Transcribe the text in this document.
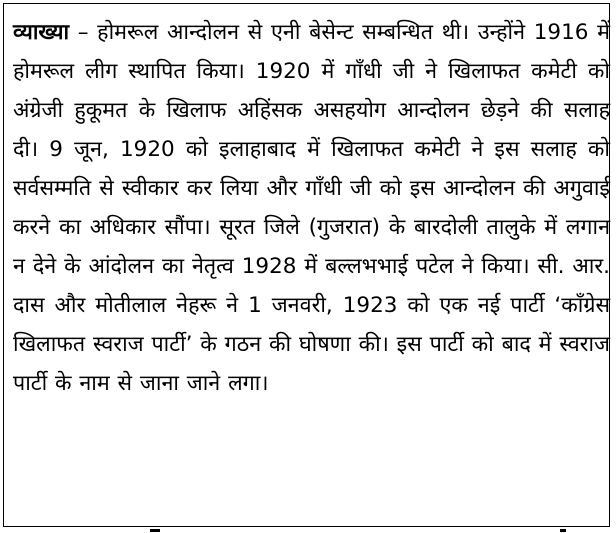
व्याख्या – होमरूल आन्दोलन से एनी बेसेन्ट सम्बन्धित थी। उन्होंने 1916 में होमरूल लीग स्थापित किया। 1920 में गाँधी जी ने खिलाफत कमेटी को अंग्रेजी हुकूमत के खिलाफ अहिंसक असहयोग आन्दोलन छेड़ने की सलाह दी। 9 जून, 1920 को इलाहाबाद में खिलाफत कमेटी ने इस सलाह को सर्वसम्मति से स्वीकार कर लिया और गाँधी जी को इस आन्दोलन की अगुवाई करने का अधिकार सौंपा। सूरत जिले (गुजरात) के बारदोली तालुके में लगान न देने के आंदोलन का नेतृत्व 1928 में बल्लभभाई पटेल ने किया। सी. आर. दास और मोतीलाल नेहरू ने 1 जनवरी, 1923 को एक नई पार्टी ‘काँग्रेस खिलाफत स्वराज पार्टी’ के गठन की घोषणा की। इस पार्टी को बाद में स्वराज पार्टी के नाम से जाना जाने लगा।
